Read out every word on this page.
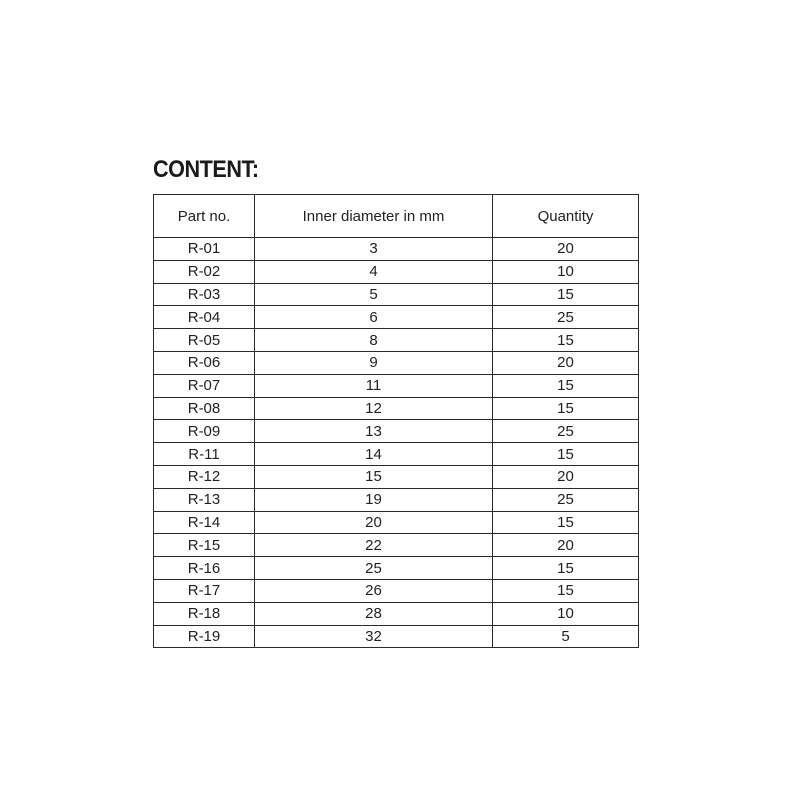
CONTENT:
Part no.	Inner diameter in mm	Quantity
R-01	3	20
R-02	4	10
R-03	5	15
R-04	6	25
R-05	8	15
R-06	9	20
R-07	11	15
R-08	12	15
R-09	13	25
R-11	14	15
R-12	15	20
R-13	19	25
R-14	20	15
R-15	22	20
R-16	25	15
R-17	26	15
R-18	28	10
R-19	32	5
